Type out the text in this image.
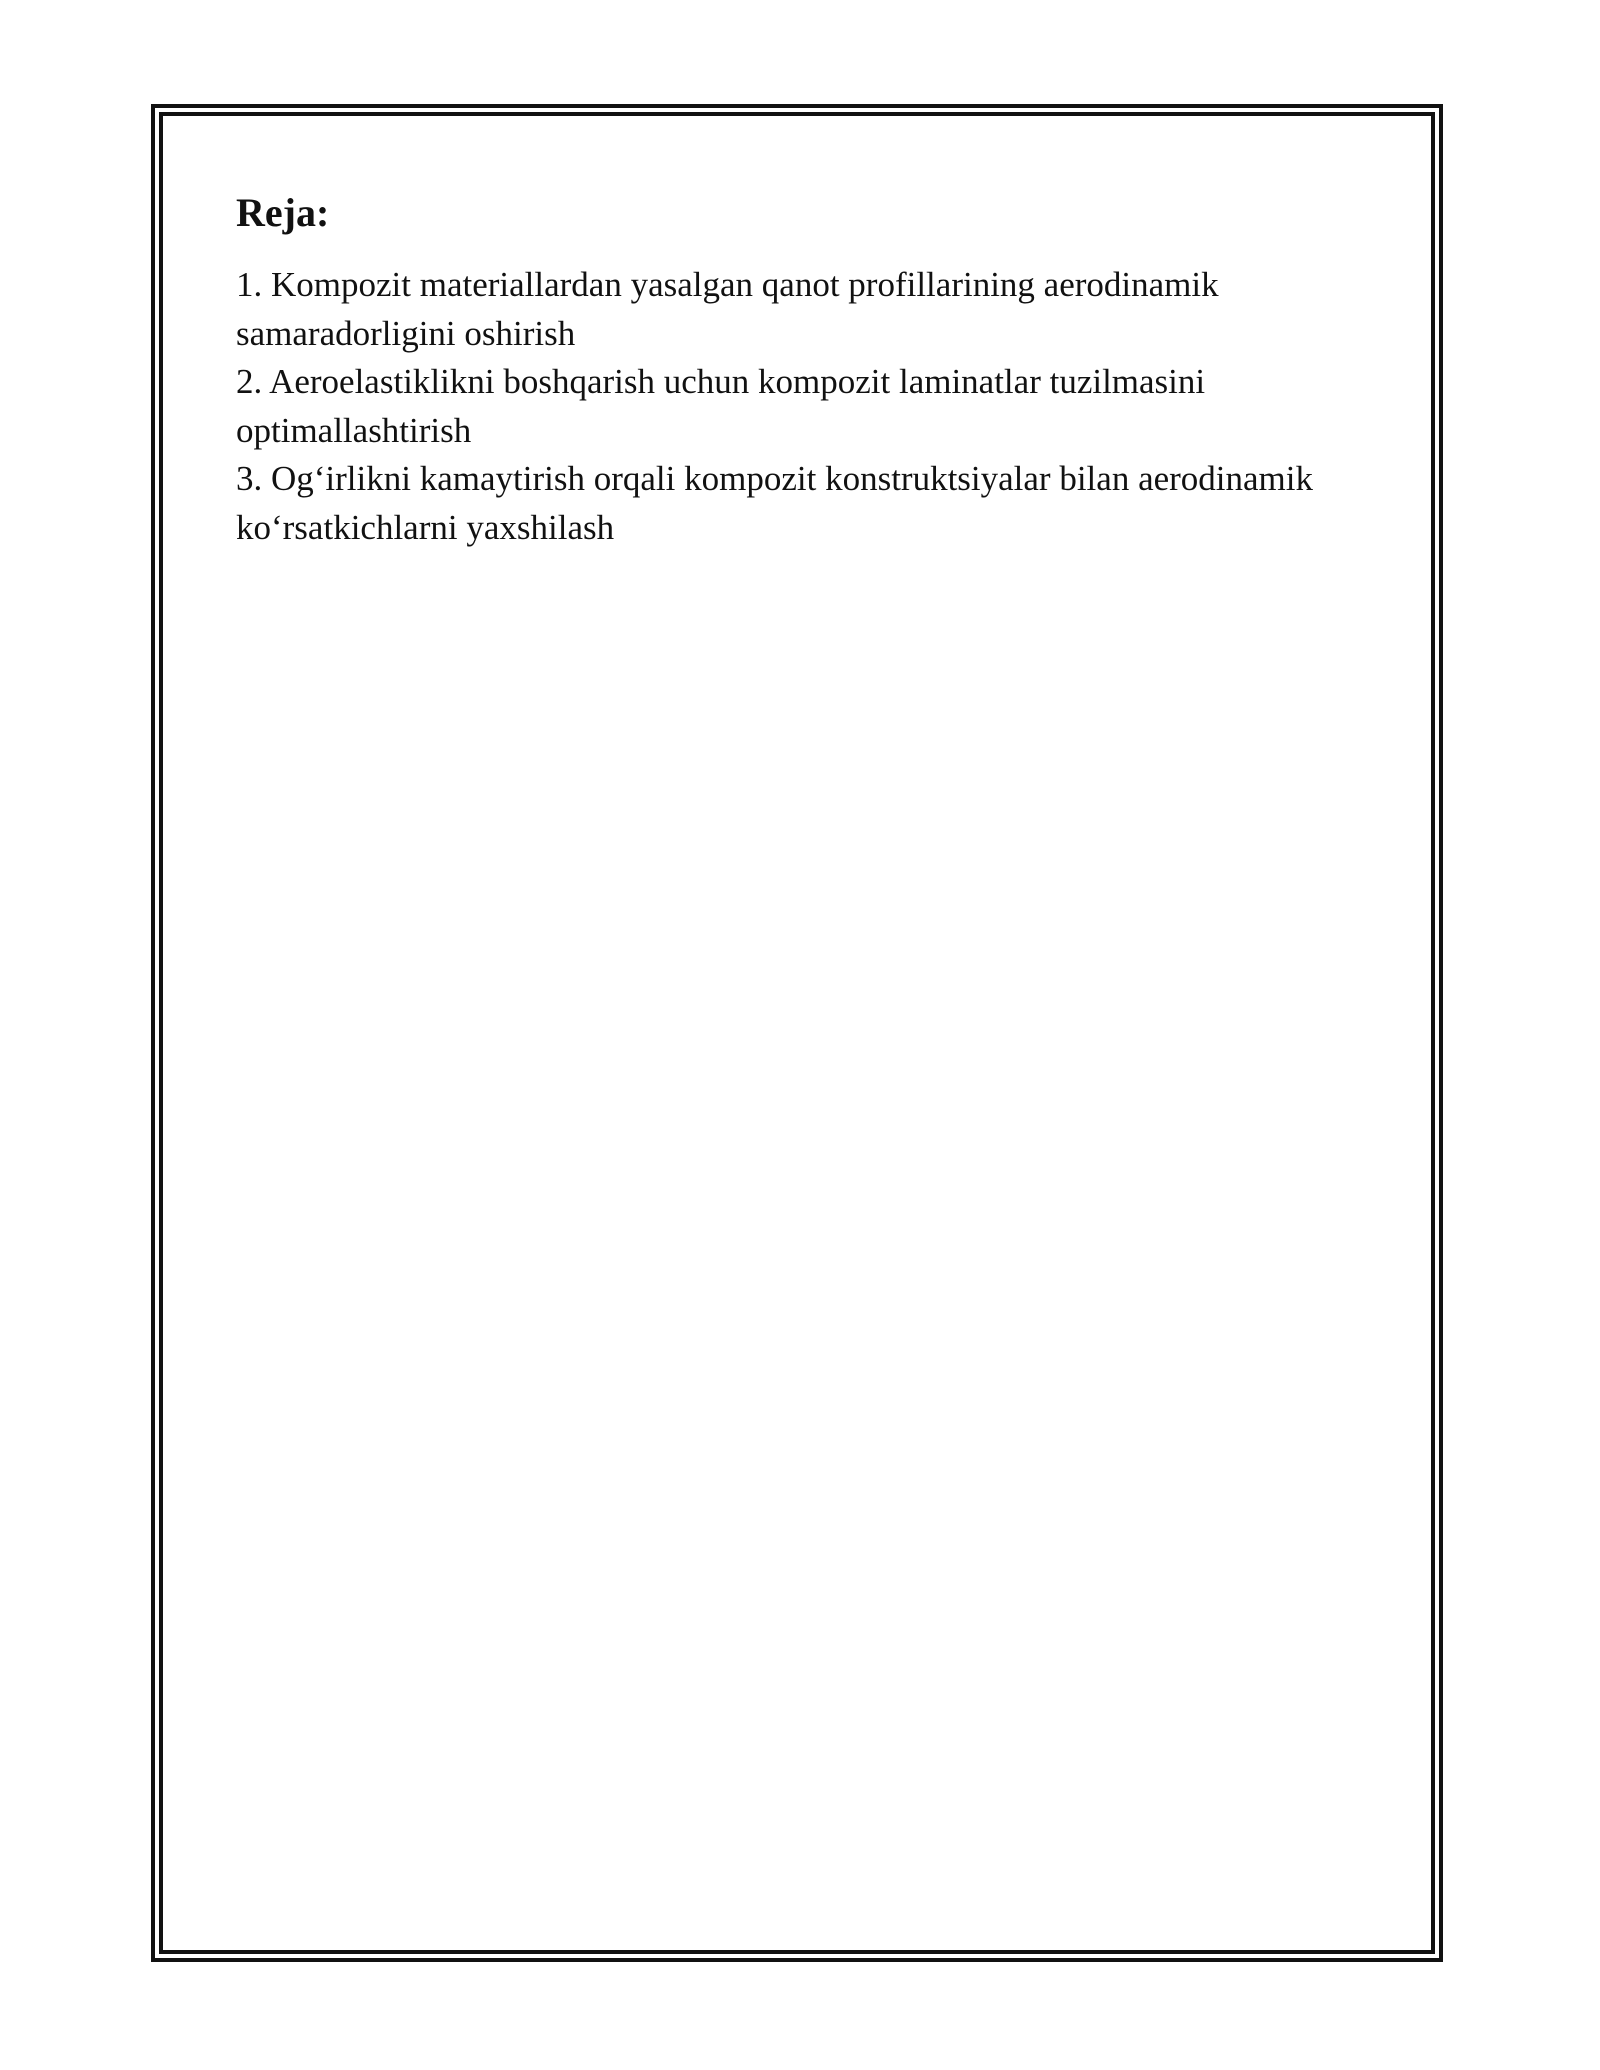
Reja:
1. Kompozit materiallardan yasalgan qanot profillarining aerodinamik samaradorligini oshirish
2. Aeroelastiklikni boshqarish uchun kompozit laminatlar tuzilmasini optimallashtirish
3. Og‘irlikni kamaytirish orqali kompozit konstruktsiyalar bilan aerodinamik ko‘rsatkichlarni yaxshilash
